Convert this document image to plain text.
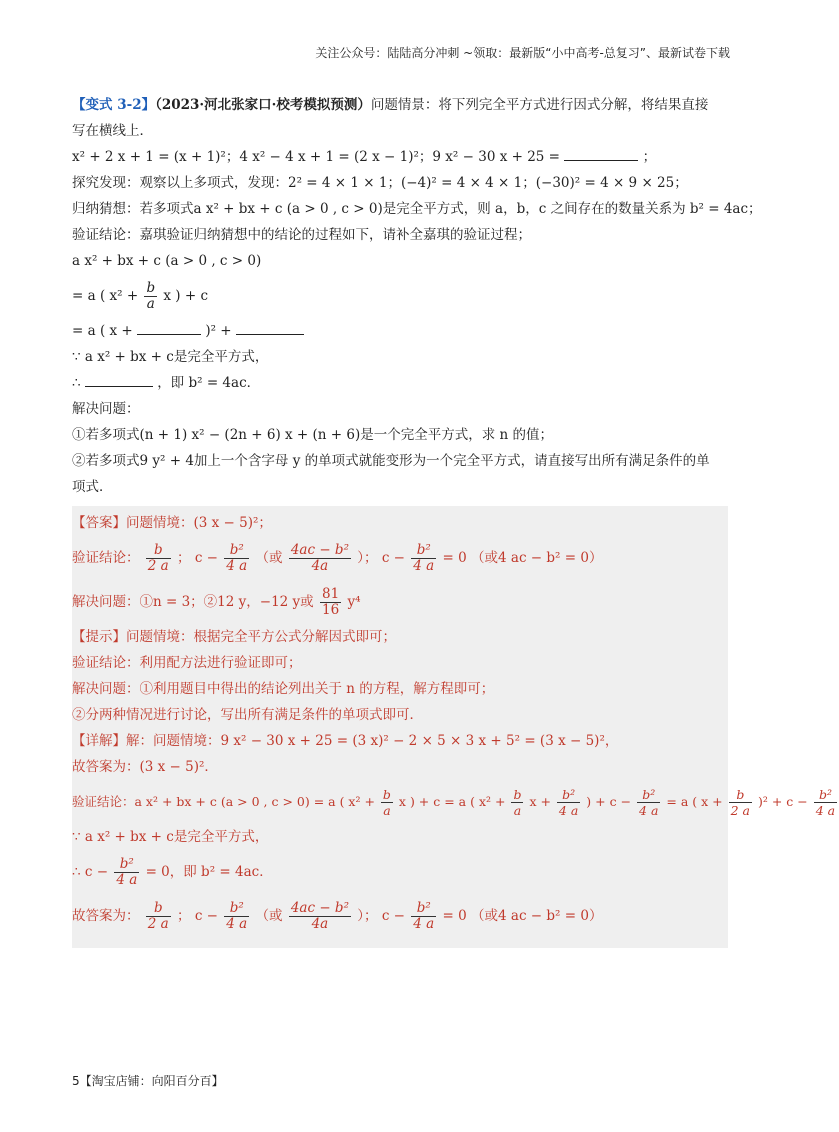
关注公众号：陆陆高分冲刺 ~领取：最新版“小中高考-总复习”、最新试卷下载
【变式 3-2】（2023·河北张家口·校考模拟预测）问题情景：将下列完全平方式进行因式分解，将结果直接
写在横线上．
x² + 2 x + 1 = (x + 1)²；4 x² − 4 x + 1 = (2 x − 1)²；9 x² − 30 x + 25 =	；
探究发现：观察以上多项式，发现：2² = 4 × 1 × 1；(−4)² = 4 × 4 × 1；(−30)² = 4 × 9 × 25；
归纳猜想：若多项式a x² + bx + c (a > 0 , c > 0)是完全平方式，则 a，b，c 之间存在的数量关系为 b² = 4ac；
验证结论：嘉琪验证归纳猜想中的结论的过程如下，请补全嘉琪的验证过程；
a x² + bx + c (a > 0 , c > 0)
= a ( $x^2 + \frac{b}{a}$ x ) + c
= a ( x +	)² +
∵ a x² + bx + c是完全平方式，
∴	，即 b² = 4ac．
解决问题：
①若多项式(n + 1) x² − (2n + 6) x + (n + 6)是一个完全平方式，求 n 的值；
②若多项式9 y² + 4加上一个含字母 y 的单项式就能变形为一个完全平方式，请直接写出所有满足条件的单
项式．
【答案】问题情境：(3 x − 5)²；
验证结论： $\frac{b}{2 a}$ ； $c - \frac{\text{b²}}{4 a}$ （或 $\frac{\text{4ac − b²}}{4a}$ ）； $c - \frac{\text{b²}}{4 a} = 0$ （或4 ac − b² = 0）
解决问题：①n = 3；②12 y，−12 y或 $\frac{81}{16} y^4$
【提示】问题情境：根据完全平方公式分解因式即可；
验证结论：利用配方法进行验证即可；
解决问题：①利用题目中得出的结论列出关于 n 的方程，解方程即可；
②分两种情况进行讨论，写出所有满足条件的单项式即可．
【详解】解：问题情境：9 x² − 30 x + 25 = (3 x)² − 2 × 5 × 3 x + 5² = (3 x − 5)²，
故答案为：(3 x − 5)²．
验证结论：a x² + bx + c (a > 0 , c > 0) = a ( $x^2 + \frac{b}{a}$ x ) + c = a ( $x^2 + \frac{b}{a}$ $x + \frac{\text{b²}}{4 a}$ ) + $c - \frac{\text{b²}}{4 a} = a$ ( $x + \frac{b}{2 a} )^2 + c - \frac{\text{b²}}{4 a}$
∵ a x² + bx + c是完全平方式，
∴ $c - \frac{\text{b²}}{4 a} = 0$，即 b² = 4ac．
故答案为： $\frac{b}{2 a}$ ； $c - \frac{\text{b²}}{4 a}$ （或 $\frac{\text{4ac − b²}}{4a}$ ）； $c - \frac{\text{b²}}{4 a} = 0$ （或4 ac − b² = 0）
5【淘宝店铺：向阳百分百】
